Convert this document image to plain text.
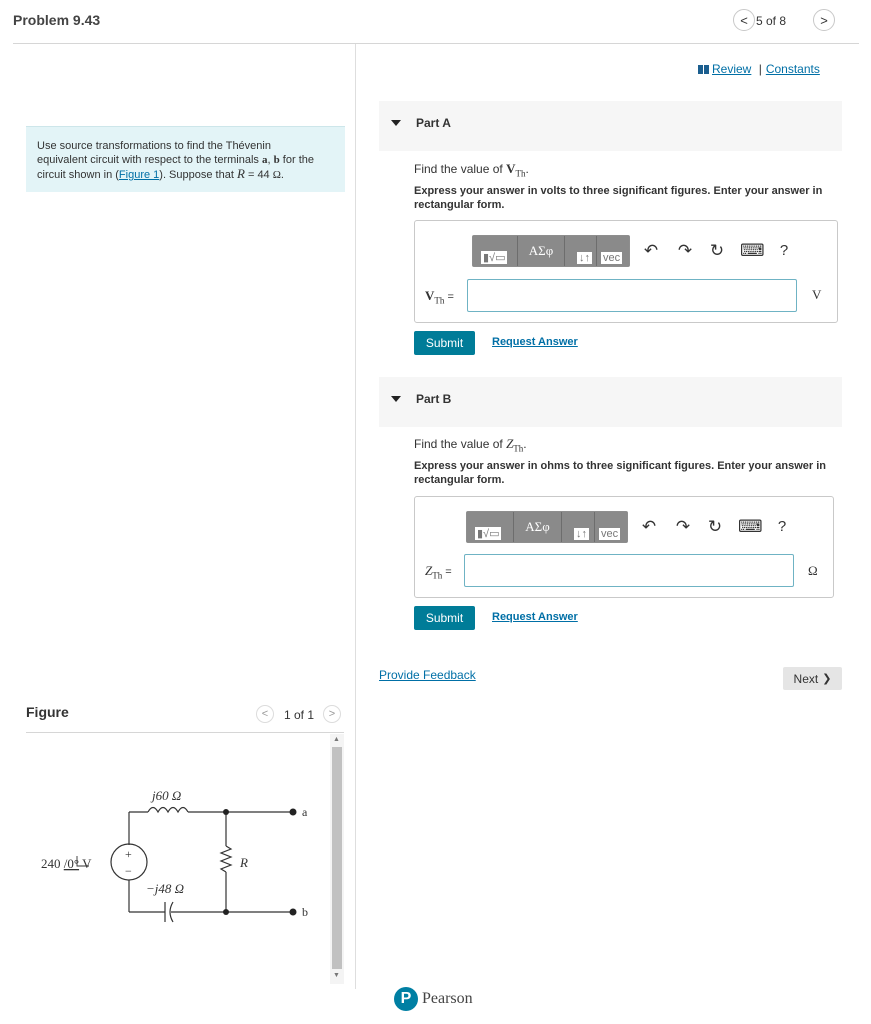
Problem 9.43	< 5 of 8	>
Use source transformations to find the Thévenin
equivalent circuit with respect to the terminals a, b for the
circuit shown in (Figure 1). Suppose that R = 44 Ω.
Figure	< 1 of 1 >
▲
▼
j60 Ω
−j48 Ω
+
−
240 /0° V	R
a
b
Review | Constants
Part A
Find the value of $V_{Th}$.
Express your answer in volts to three significant figures. Enter your answer in rectangular form.
▮√▭ ΑΣφ ↓↑ vec ↶ ↷ ↻ ⌨	?
$V_{Th}$ =	V
Submit	Request Answer
Part B
Find the value of $Z_{Th}$.
Express your answer in ohms to three significant figures. Enter your answer in rectangular form.
▮√▭ ΑΣφ ↓↑ vec ↶ ↷ ↻ ⌨	?
$Z_{Th}$ =	Ω
Submit	Request Answer
Provide Feedback	Next ❯
P Pearson
